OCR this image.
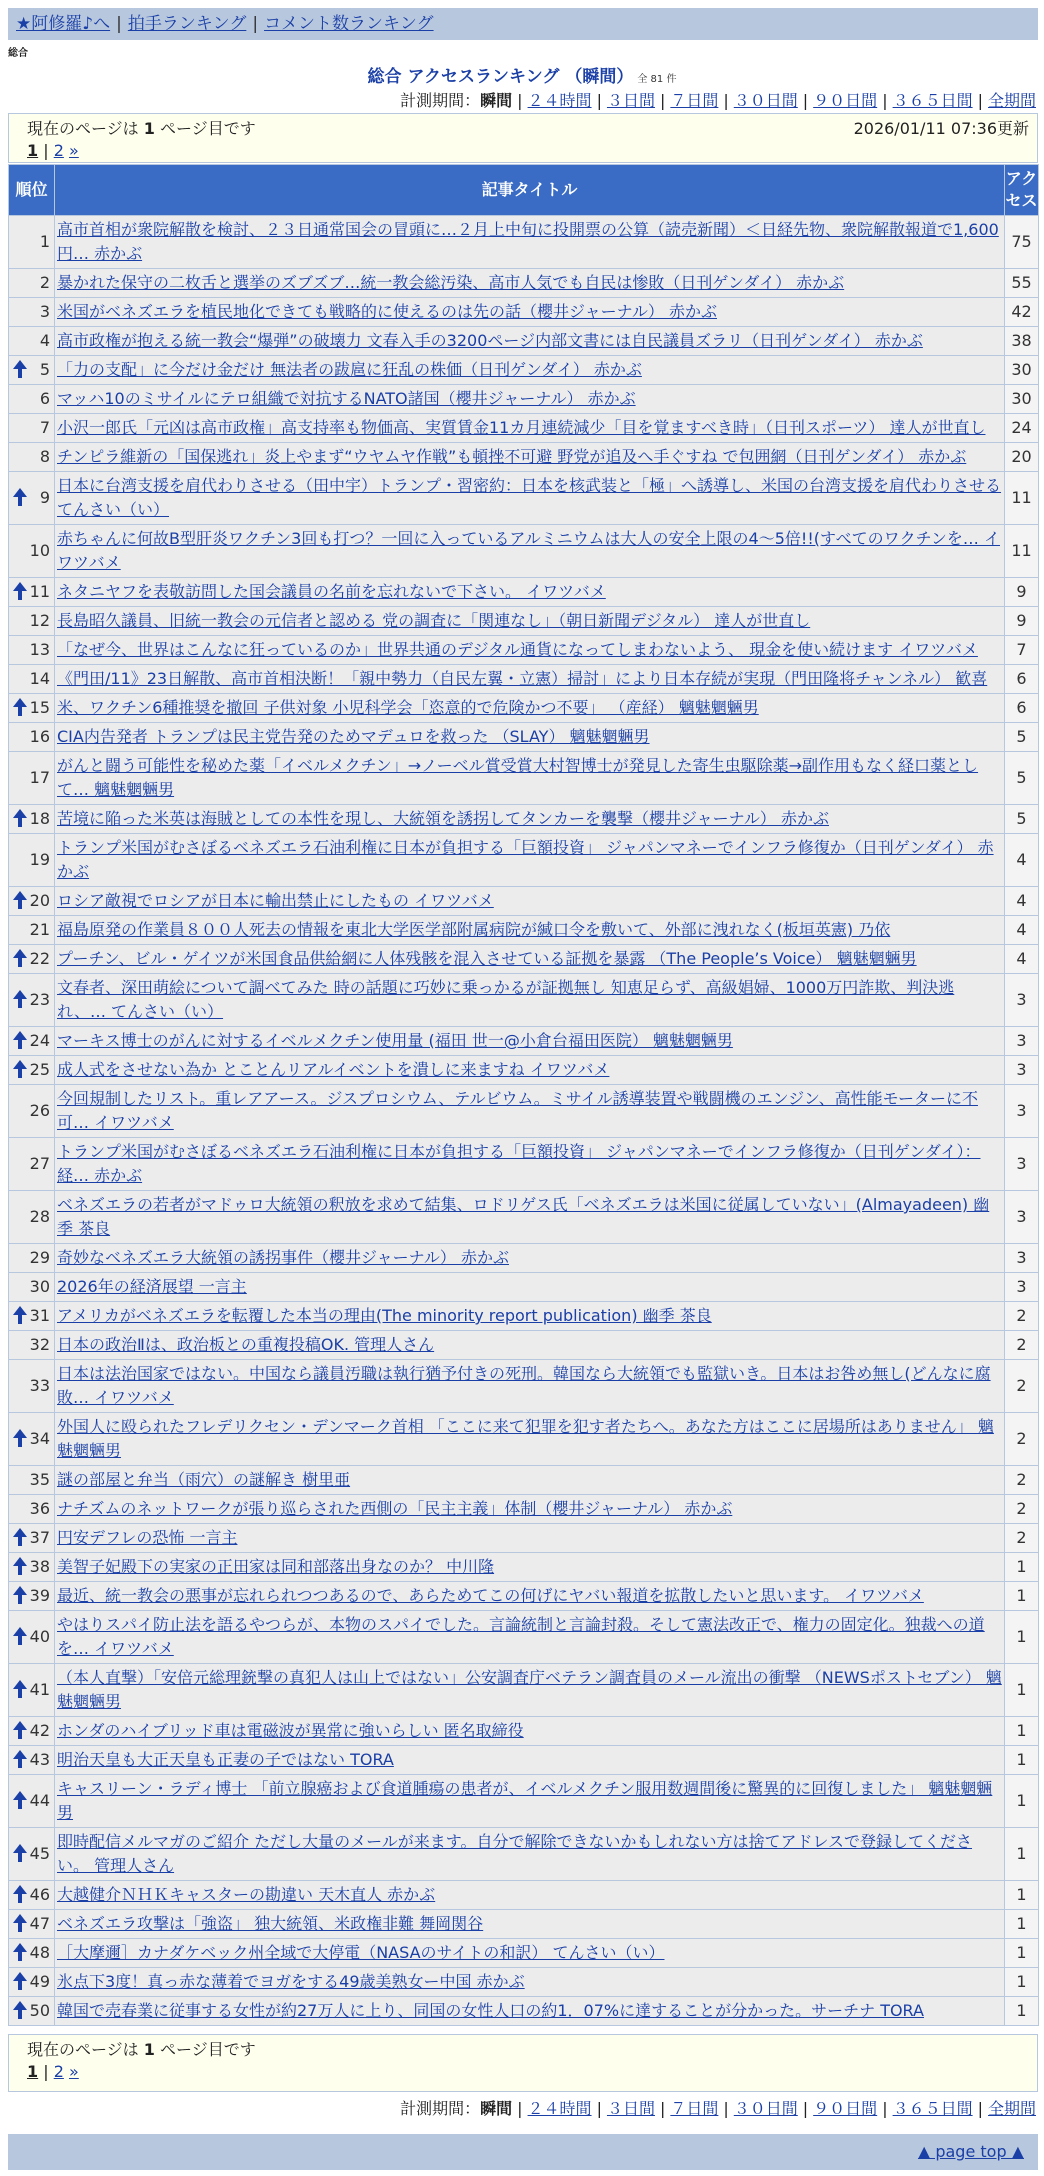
★阿修羅♪へ | 拍手ランキング | コメント数ランキング
総合
総合 アクセスランキング （瞬間） 全 81 件
計測期間：瞬間 | ２４時間 | ３日間 | ７日間 | ３０日間 | ９０日間 | ３６５日間 | 全期間
現在のページは 1 ページ目です
1 | 2 »
2026/01/11 07:36更新
順位	記事タイトル	アクセス
1	高市首相が衆院解散を検討、２３日通常国会の冒頭に…２月上中旬に投開票の公算（読売新聞）＜日経先物、衆院解散報道で1,600円… 赤かぶ	75
2	暴かれた保守の二枚舌と選挙のズブズブ…統一教会総汚染、高市人気でも自民は惨敗（日刊ゲンダイ） 赤かぶ	55
3	米国がベネズエラを植民地化できても戦略的に使えるのは先の話（櫻井ジャーナル） 赤かぶ	42
4	高市政権が抱える統一教会“爆弾”の破壊力 文春入手の3200ページ内部文書には自民議員ズラリ（日刊ゲンダイ） 赤かぶ	38

5	「力の支配」に今だけ金だけ 無法者の跋扈に狂乱の株価（日刊ゲンダイ） 赤かぶ	30
6	マッハ10のミサイルにテロ組織で対抗するNATO諸国（櫻井ジャーナル） 赤かぶ	30
7	小沢一郎氏「元凶は高市政権」高支持率も物価高、実質賃金11カ月連続減少「目を覚ますべき時」（日刊スポーツ） 達人が世直し	24
8	チンピラ維新の「国保逃れ」炎上やまず“ウヤムヤ作戦”も頓挫不可避 野党が追及へ手ぐすね で包囲網（日刊ゲンダイ） 赤かぶ	20

9	日本に台湾支援を肩代わりさせる（田中宇）トランプ・習密約：日本を核武装と「極」へ誘導し、米国の台湾支援を肩代わりさせる てんさい（い）	11
10	赤ちゃんに何故B型肝炎ワクチン3回も打つ？一回に入っているアルミニウムは大人の安全上限の4～5倍!!(すべてのワクチンを… イワツバメ	11

11	ネタニヤフを表敬訪問した国会議員の名前を忘れないで下さい。 イワツバメ	9
12	長島昭久議員、旧統一教会の元信者と認める 党の調査に「関連なし」（朝日新聞デジタル） 達人が世直し	9
13	「なぜ今、世界はこんなに狂っているのか」世界共通のデジタル通貨になってしまわないよう、 現金を使い続けます イワツバメ	7
14	《門田/11》23日解散、高市首相決断！「親中勢力（自民左翼・立憲）掃討」により日本存続が実現（門田隆将チャンネル） 歓喜	6

15	米、ワクチン6種推奨を撤回 子供対象 小児科学会「恣意的で危険かつ不要」 （産経） 魑魅魍魎男	6
16	CIA内告発者 トランプは民主党告発のためマデュロを救った （SLAY） 魑魅魍魎男	5
17	がんと闘う可能性を秘めた薬「イベルメクチン」→ノーベル賞受賞大村智博士が発見した寄生虫駆除薬→副作用もなく経口薬として… 魑魅魍魎男	5

18	苦境に陥った米英は海賊としての本性を現し、大統領を誘拐してタンカーを襲撃（櫻井ジャーナル） 赤かぶ	5
19	トランプ米国がむさぼるベネズエラ石油利権に日本が負担する「巨額投資」 ジャパンマネーでインフラ修復か（日刊ゲンダイ） 赤かぶ	4

20	ロシア敵視でロシアが日本に輸出禁止にしたもの イワツバメ	4
21	福島原発の作業員８００人死去の情報を東北大学医学部附属病院が緘口令を敷いて、外部に洩れなく(板垣英憲) 乃依	4

22	プーチン、ビル・ゲイツが米国食品供給網に人体残骸を混入させている証拠を暴露 （The People’s Voice） 魑魅魍魎男	4

23	文春者、深田萌絵について調べてみた 時の話題に巧妙に乗っかるが証拠無し 知恵足らず、高級娼婦、1000万円詐欺、判決逃れ、… てんさい（い）	3

24	マーキス博士のがんに対するイベルメクチン使用量 (福田 世一@小倉台福田医院） 魑魅魍魎男	3

25	成人式をさせない為か とことんリアルイベントを潰しに来ますね イワツバメ	3
26	今回規制したリスト。重レアアース。ジスプロシウム、テルビウム。ミサイル誘導装置や戦闘機のエンジン、高性能モーターに不可… イワツバメ	3
27	トランプ米国がむさぼるベネズエラ石油利権に日本が負担する「巨額投資」 ジャパンマネーでインフラ修復か（日刊ゲンダイ）：経… 赤かぶ	3
28	ベネズエラの若者がマドゥロ大統領の釈放を求めて結集、ロドリゲス氏「ベネズエラは米国に従属していない」(Almayadeen) 幽季 茶良	3
29	奇妙なベネズエラ大統領の誘拐事件（櫻井ジャーナル） 赤かぶ	3
30	2026年の経済展望 一言主	3

31	アメリカがベネズエラを転覆した本当の理由(The minority report publication) 幽季 茶良	2
32	日本の政治Ⅱは、政治板との重複投稿OK. 管理人さん	2
33	日本は法治国家ではない。中国なら議員汚職は執行猶予付きの死刑。韓国なら大統領でも監獄いき。日本はお咎め無し(どんなに腐敗… イワツバメ	2

34	外国人に殴られたフレデリクセン・デンマーク首相 「ここに来て犯罪を犯す者たちへ。あなた方はここに居場所はありません」 魑魅魍魎男	2
35	謎の部屋と弁当（雨穴）の謎解き 樹里亜	2
36	ナチズムのネットワークが張り巡らされた西側の「民主主義」体制（櫻井ジャーナル） 赤かぶ	2

37	円安デフレの恐怖 一言主	2

38	美智子妃殿下の実家の正田家は同和部落出身なのか？ 中川隆	1

39	最近、統一教会の悪事が忘れられつつあるので、あらためてこの何げにヤバい報道を拡散したいと思います。 イワツバメ	1

40	やはりスパイ防止法を語るやつらが、本物のスパイでした。言論統制と言論封殺。そして憲法改正で、権力の固定化。独裁への道を… イワツバメ	1

41	（本人直撃）「安倍元総理銃撃の真犯人は山上ではない」公安調査庁ベテラン調査員のメール流出の衝撃 （NEWSポストセブン） 魑魅魍魎男	1

42	ホンダのハイブリッド車は電磁波が異常に強いらしい 匿名取締役	1

43	明治天皇も大正天皇も正妻の子ではない TORA	1

44	キャスリーン・ラディ博士 「前立腺癌および食道腫瘍の患者が、イベルメクチン服用数週間後に驚異的に回復しました」 魑魅魍魎男	1

45	即時配信メルマガのご紹介 ただし大量のメールが来ます。自分で解除できないかもしれない方は捨てアドレスで登録してください。 管理人さん	1

46	大越健介ＮＨＫキャスターの勘違い 天木直人 赤かぶ	1

47	ベネズエラ攻撃は「強盗」 独大統領、米政権非難 舞岡関谷	1

48	［大摩邇］カナダケベック州全域で大停電（NASAのサイトの和訳） てんさい（い）	1

49	氷点下3度！真っ赤な薄着でヨガをする49歳美熟女ー中国 赤かぶ	1

50	韓国で売春業に従事する女性が約27万人に上り、同国の女性人口の約1．07%に達することが分かった。サーチナ TORA	1
現在のページは 1 ページ目です
1 | 2 »
計測期間：瞬間 | ２４時間 | ３日間 | ７日間 | ３０日間 | ９０日間 | ３６５日間 | 全期間
▲ page top ▲
